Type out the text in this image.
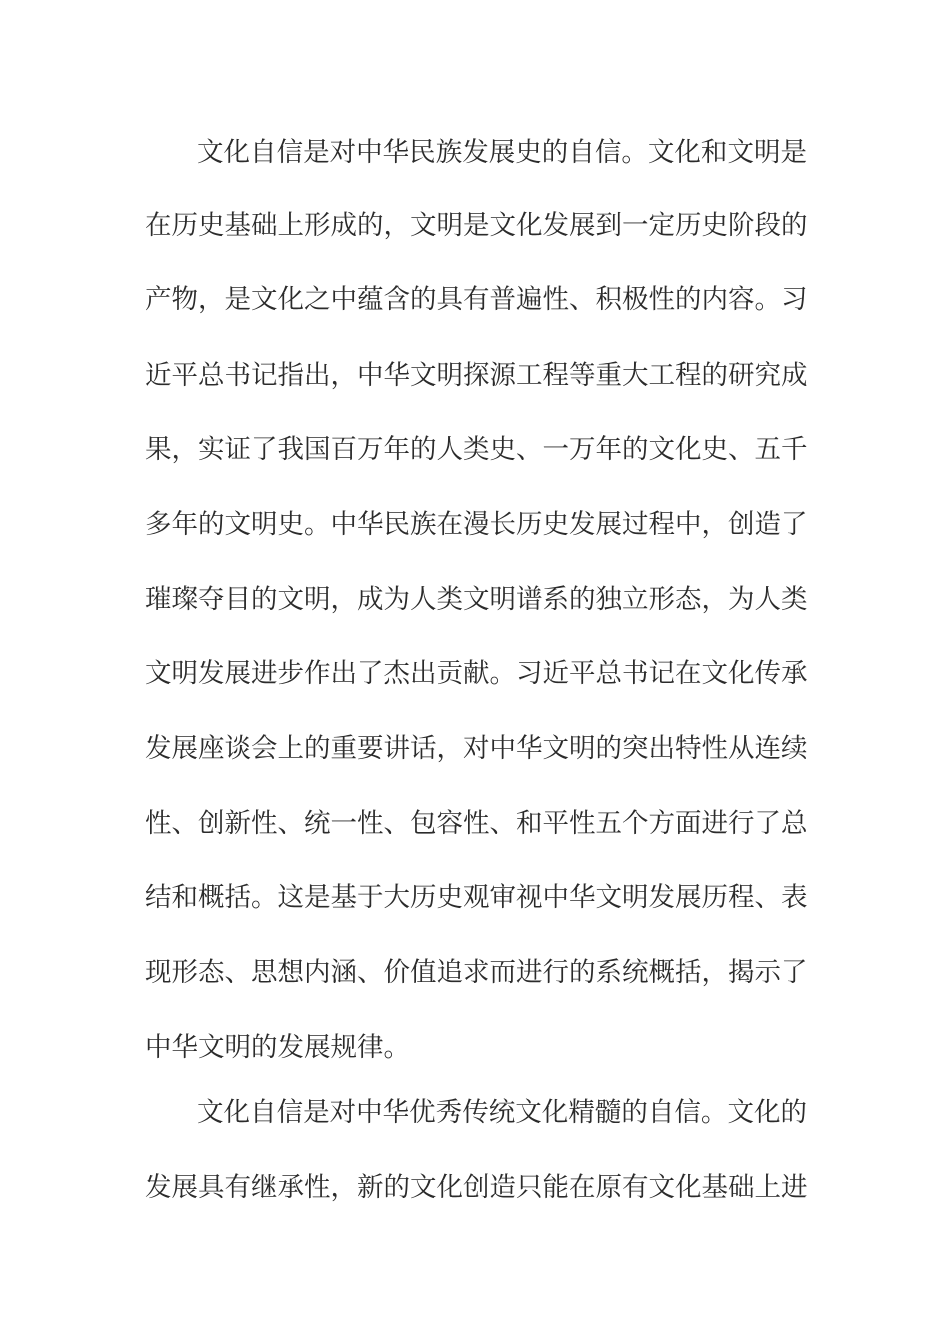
文化自信是对中华民族发展史的自信。文化和文明是
在历史基础上形成的，文明是文化发展到一定历史阶段的
产物，是文化之中蕴含的具有普遍性、积极性的内容。习
近平总书记指出，中华文明探源工程等重大工程的研究成
果，实证了我国百万年的人类史、一万年的文化史、五千
多年的文明史。中华民族在漫长历史发展过程中，创造了
璀璨夺目的文明，成为人类文明谱系的独立形态，为人类
文明发展进步作出了杰出贡献。习近平总书记在文化传承
发展座谈会上的重要讲话，对中华文明的突出特性从连续
性、创新性、统一性、包容性、和平性五个方面进行了总
结和概括。这是基于大历史观审视中华文明发展历程、表
现形态、思想内涵、价值追求而进行的系统概括，揭示了
中华文明的发展规律。
文化自信是对中华优秀传统文化精髓的自信。文化的
发展具有继承性，新的文化创造只能在原有文化基础上进
